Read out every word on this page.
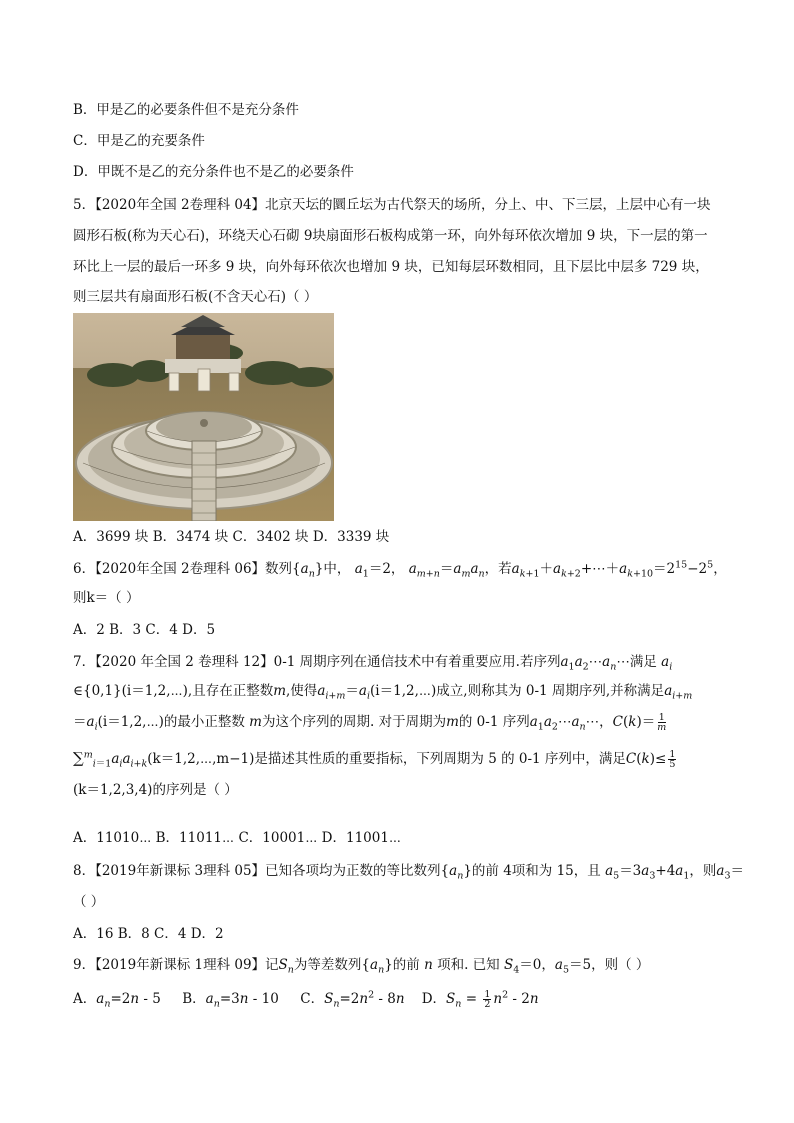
B．甲是乙的必要条件但不是充分条件
C．甲是乙的充要条件
D．甲既不是乙的充分条件也不是乙的必要条件
5．【2020年全国 2卷理科 04】北京天坛的圜丘坛为古代祭天的场所，分上、中、下三层，上层中心有一块
圆形石板(称为天心石)，环绕天心石砌 9块扇面形石板构成第一环，向外每环依次增加 9 块，下一层的第一
环比上一层的最后一环多 9 块，向外每环依次也增加 9 块，已知每层环数相同，且下层比中层多 729 块，
则三层共有扇面形石板(不含天心石)（ ）
A．3699 块 B．3474 块 C．3402 块 D．3339 块
6．【2020年全国 2卷理科 06】数列$\{a_n\}$中， $a_1=2$， $a_{m+n}=a_ma_n$，若$a_{k+1}+a_{k+2}+\cdots+a_{k+10}=2^{15}-2^5$，
则k＝（ ）
A．2 B．3 C．4 D．5
7．【2020 年全国 2 卷理科 12】0-1 周期序列在通信技术中有着重要应用.若序列$a_1a_2\cdots a_n\cdots$满足 $a_i$
∈{0,1}(i＝1,2,⋯),且存在正整数m,使得$a_{i+m}=a_i(i=1,2,\cdots)$成立,则称其为 0-1 周期序列,并称满足$a_{i+m}$
$=a_i(i=1,2,\cdots)$的最小正整数 m为这个序列的周期. 对于周期为m的 0-1 序列$a_1a_2\cdots a_n\cdots$，$C(k)= \frac{1}{m}$
$\sum^m_{i=1}a_ia_{i+k}(k=1,2,\cdots,m-1)$是描述其性质的重要指标，下列周期为 5 的 0-1 序列中，满足$C(k)\le \frac{1}{5}$
(k＝1,2,3,4)的序列是（ ）
A．11010⋯ B．11011⋯ C．10001⋯ D．11001⋯
8．【2019年新课标 3理科 05】已知各项均为正数的等比数列$\{a_n\}$的前 4项和为 15，且 $a_5=3a_3+4a_1$，则$a_3=$
（ ）
A．16 B．8 C．4 D．2
9．【2019年新课标 1理科 09】记$S_n$为等差数列$\{a_n\}$的前 n 项和. 已知 $S_4=0$，$a_5=5$，则（ ）
A．$a_n=2n - 5$     B．$a_n=3n - 10$     C．$S_n=2n^2 - 8n$    D．$S_n = \frac{1}{2} n^2 - 2n$
